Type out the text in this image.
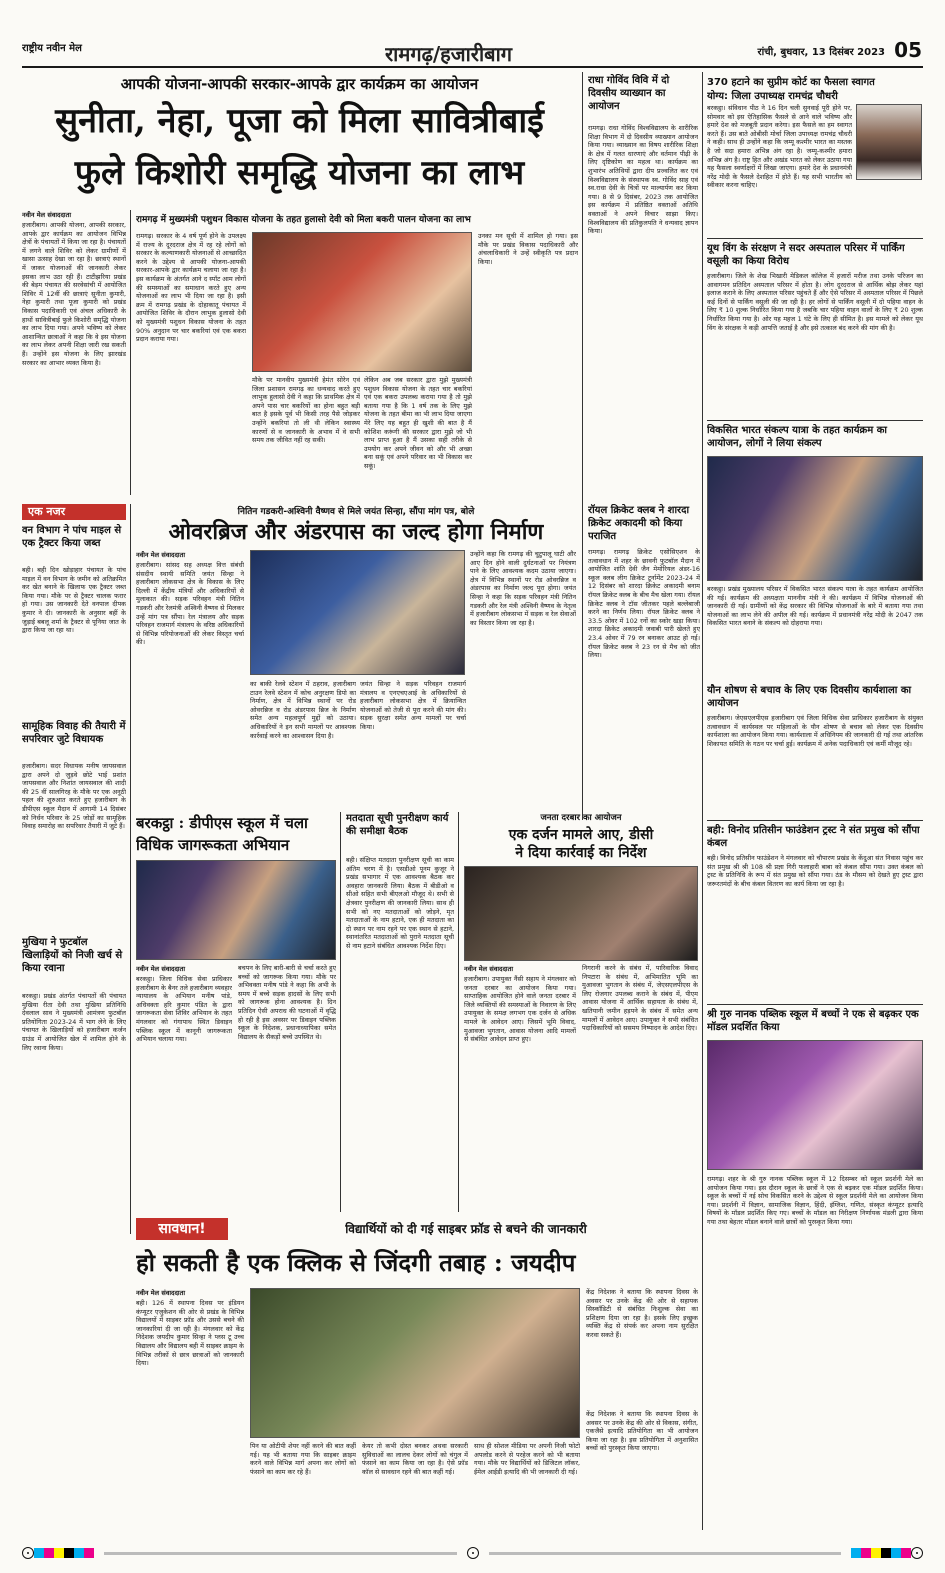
राष्ट्रीय नवीन मेल	रामगढ़/हजारीबाग	रांची, बुधवार, 13 दिसंबर 2023 05
आपकी योजना-आपकी सरकार-आपके द्वार कार्यक्रम का आयोजन
सुनीता, नेहा, पूजा को मिला सावित्रीबाई
फुले किशोरी समृद्धि योजना का लाभ
नवीन मेल संवाददाता
हजारीबाग। आपकी योजना, आपकी सरकार, आपके द्वार कार्यक्रम का आयोजन विभिन्न क्षेत्रों के पंचायतों में किया जा रहा है। पंचायतों में लगने वाले शिविर को लेकर ग्रामीणों में खासा उत्साह देखा जा रहा है। छात्राएं स्थानों में जाकर योजनाओं की जानकारी लेकर इसका लाभ उठा रही हैं। टाटीझरिया प्रखंड की बेड़म पंचायत की सरवेसांची में आयोजित शिविर में 12वीं की छात्राएं सुनीता कुमारी, नेहा कुमारी तथा पूजा कुमारी को प्रखंड विकास पदाधिकारी एवं अंचल अधिकारी के हाथों सावित्रीबाई फुले किशोरी समृद्धि योजना का लाभ दिया गया। अपने भविष्य को लेकर आशान्वित छात्राओं ने कहा कि वे इस योजना का लाभ लेकर अपनी शिक्षा जारी रख सकती हैं। उन्होंने इस योजना के लिए झारखंड सरकार का आभार व्यक्त किया है।
रामगढ़ में मुख्यमंत्री पशुधन विकास योजना के तहत हुलासो देवी को मिला बकरी पालन योजना का लाभ
रामगढ़। सरकार के 4 वर्ष पूर्ण होने के उपलक्ष्य में राज्य के दूरदराज क्षेत्र में रह रहे लोगों को सरकार के कल्याणकारी योजनाओं से आच्छादित करने के उद्देश्य से आपकी योजना-आपकी सरकार-आपके द्वार कार्यक्रम चलाया जा रहा है। इस कार्यक्रम के अंतर्गत आने द स्पॉट आम लोगों की समस्याओं का समाधान करते हुए अन्य योजनाओं का लाभ भी दिया जा रहा है। इसी क्रम में रामगढ़ प्रखंड के दोहाकातू पंचायत में आयोजित शिविर के दौरान लाभुक हुलासो देवी को मुख्यमंत्री पशुधन विकास योजना के तहत 90% अनुदान पर चार बकरियां एवं एक बकरा प्रदान कराया गया।
मौके पर मानवीय मुख्यमंत्री हेमंत सोरेन एवं जिला प्रशासन रामगढ़ का धन्यवाद करते हुए लाभुक हुलासो देवी ने कहा कि प्राथमिक क्षेत्र में अपने पास चार बकरियों का होना बहुत बड़ी बात है इसके पूर्व भी किसी तरह पैसे जोड़कर उन्होंने बकरियां तो ली थी लेकिन स्वास्थ्य कारणों से व जानकारी के अभाव में वे सभी समय तक जीवित नहीं रह सकी।
लेकिन अब जब सरकार द्वारा मुझे मुख्यमंत्री पशुधन विकास योजना के तहत चार बकरियां एवं एक बकरा उपलब्ध कराया गया है तो मुझे बताया गया है कि 1 वर्ष तक के लिए मुझे योजना के तहत बीमा का भी लाभ दिया जाएगा मेरे लिए यह बहुत ही खुशी की बात है मैं कोशिश करूंगी की सरकार द्वारा मुझे जो भी लाभ प्राप्त हुआ है मैं उसका सही तरीके से उपयोग कर अपने जीवन को और भी अच्छा बना सकूं एवं अपने परिवार का भी विकास कर सकूं।
उनका मन सूची में शामिल हो गया। इस मौके पर प्रखंड विकास पदाधिकारी और अंचलाधिकारी ने उन्हें स्वीकृति पत्र प्रदान किया।
राधा गोविंद विवि में दो दिवसीय व्याख्यान का आयोजन
रामगढ़। राधा गोविंद विश्वविद्यालय के शारीरिक शिक्षा विभाग में दो दिवसीय व्याख्यान आयोजन किया गया। व्याख्यान का विषय शारीरिक शिक्षा के क्षेत्र में गलत धारणाएं और वर्तमान पीढ़ी के लिए दृष्टिकोण का महत्व था। कार्यक्रम का शुभारंभ अतिथियों द्वारा दीप प्रज्वलित कर एवं विश्वविद्यालय के संस्थापक स्व. गोविंद साह एवं स्व.राधा देवी के चित्रों पर माल्यार्पण कर किया गया। 8 से 9 दिसंबर, 2023 तक आयोजित इस कार्यक्रम में प्रतिष्ठित वक्ताओं अतिथि वक्ताओं ने अपने विचार साझा किए। विश्वविद्यालय की प्रतिकुलपति ने धन्यवाद ज्ञापन किया।
370 हटाने का सुप्रीम कोर्ट का फैसला स्वागत
योग्य: जिला उपाध्यक्ष रामचंद्र चौधरी
बरकट्ठा। संविधान पीठ ने 16 दिन चली सुनवाई पूरी होने पर, सोमवार को इस ऐतिहासिक फैसले से आने वाले भविष्य और हमारे देश को मजबूती प्रदान करेगा। इस फैसले का हम स्वागत करते हैं। उस बाते ओबीसी मोर्चा जिला उपाध्यक्ष रामचंद्र चौधरी ने कही। साथ ही उन्होंने कहा कि जम्मू कश्मीर भारत का मस्तक है जो सदा हमारा अभिन्न अंग रहा है। जम्मू-कश्मीर हमारा अभिन्न अंग है। राष्ट्र हित और अखंड भारत को लेकर उठाया गया यह फैसला स्वर्णाक्षरों में लिखा जाएगा। हमारे देश के प्रधानमंत्री नरेंद्र मोदी के फैसले देशहित में होते हैं। यह सभी भारतीय को स्वीकार करना चाहिए।
यूथ विंग के संरक्षण ने सदर अस्पताल परिसर में पार्किंग वसूली का किया विरोध
हजारीबाग। जिले के शेख भिखारी मेडिकल कॉलेज में हजारों मरीज तथा उनके परिजन का आवागमन प्रतिदिन अस्पताल परिसर में होता है। लोग दूरदराज से आर्थिक बोझ लेकर यहां इलाज कराने के लिए अस्पताल परिसर पहुंचते हैं और ऐसे परिसर में अस्पताल परिसर में पिछले कई दिनों से पार्किंग वसूली की जा रही है। हर लोगों से पार्किंग वसूली में दो पहिया वाहन के लिए ₹ 10 शुल्क निर्धारित किया गया है जबकि चार पहिया वाहन वालों के लिए ₹ 20 शुल्क निर्धारित किया गया है। ओर यह महज 1 घंटे के लिए ही सीमित है। इस मामले को लेकर यूथ विंग के संरक्षक ने कड़ी आपत्ति जताई है और इसे तत्काल बंद करने की मांग की है।
विकसित भारत संकल्प यात्रा के तहत कार्यक्रम का आयोजन, लोगों ने लिया संकल्प
बरकट्ठा। प्रखंड मुख्यालय परिसर में विकसित भारत संकल्प यात्रा के तहत कार्यक्रम आयोजित की गई। कार्यक्रम की अध्यक्षता माननीय मंत्री ने की। कार्यक्रम में विभिन्न योजनाओं की जानकारी दी गई। ग्रामीणों को केंद्र सरकार की विभिन्न योजनाओं के बारे में बताया गया तथा योजनाओं का लाभ लेने की अपील की गई। कार्यक्रम में प्रधानमंत्री नरेंद्र मोदी के 2047 तक विकसित भारत बनाने के संकल्प को दोहराया गया।
यौन शोषण से बचाव के लिए एक दिवसीय कार्यशाला का आयोजन
हजारीबाग। जेएसएलपीएस हजारीबाग एवं जिला विधिक सेवा प्राधिकार हजारीबाग के संयुक्त तत्वावधान में कार्यस्थल पर महिलाओं के यौन शोषण से बचाव को लेकर एक दिवसीय कार्यशाला का आयोजन किया गया। कार्यशाला में अधिनियम की जानकारी दी गई तथा आंतरिक शिकायत समिति के गठन पर चर्चा हुई। कार्यक्रम में अनेक पदाधिकारी एवं कर्मी मौजूद रहे।
बही: विनोद प्रतिसीन फाउंडेशन ट्रस्ट ने संत प्रमुख को सौंपा कंबल
बही। विनोद प्रतिसीन फाउंडेशन ने मंगलवार को चौपारण प्रखंड के केंदुआ संत निवास पहुंच कर संत प्रमुख श्री श्री 108 श्री प्रज्ञा गिरी फलाहारी बाबा को कंबल सौंपा गया। उक्त कंबल को ट्रस्ट के प्रतिनिधि के रूप में संत प्रमुख को सौंपा गया। ठंड के मौसम को देखते हुए ट्रस्ट द्वारा जरूरतमंदों के बीच कंबल वितरण का कार्य किया जा रहा है।
श्री गुरु नानक पब्लिक स्कूल में बच्चों ने एक से बढ़कर एक मॉडल प्रदर्शित किया
रामगढ़। शहर के श्री गुरु नानक पब्लिक स्कूल में 12 दिसम्बर को स्कूल प्रदर्शनी मेले का आयोजन किया गया। इस दौरान स्कूल के छात्रों ने एक से बढ़कर एक मॉडल प्रदर्शित किया। स्कूल के बच्चों में नई सोच विकसित करने के उद्देश्य से स्कूल प्रदर्शनी मेले का आयोजन किया गया। प्रदर्शनी में विज्ञान, सामाजिक विज्ञान, हिंदी, इंग्लिश, गणित, संस्कृत कंप्यूटर इत्यादि विषयों के मॉडल प्रदर्शित किए गए। बच्चों के मॉडल का निरीक्षण निर्णायक मंडली द्वारा किया गया तथा बेहतर मॉडल बनाने वाले छात्रों को पुरस्कृत किया गया।
एक नजर
वन विभाग ने पांच माइल से एक ट्रैक्टर किया जब्त
बही। बही दिन खोड़ाहार पंचायत के पांच माइल में वन विभाग के जमीन को अतिक्रमित कर खेत बनाने के खिलाफ एक ट्रैक्टर जब्त किया गया। मौके पर से ट्रैक्टर चालक फरार हो गया। उस जानकारी देते वनपाल दीपक कुमार ने दी। जानकारी के अनुसार बहीं के जुड़ाई बबलू शर्मा के ट्रैक्टर से पूनिया जात के द्वारा किया जा रहा था।
सामूहिक विवाह की तैयारी में सपरिवार जुटे विधायक
हजारीबाग। सदर विधायक मनीष जायसवाल द्वारा अपने दो जुड़वे छोटे भाई प्रशांत जायसवाल और निशांत जायसवाल की शादी की 25 वीं सालगिरह के मौके पर एक अनूठी पहल की शुरुआत करते हुए हजारीबाग के डीपीएस स्कूल मैदान में आगामी 14 दिसंबर को निर्धन परिवार के 25 जोड़ों का सामूहिक विवाह समारोह का सपरिवार तैयारी में जुटे हैं।
मुखिया ने फुटबॉल खिलाड़ियों को निजी खर्च से किया रवाना
बरकट्ठा। प्रखंड अंतर्गत पंचायतों की पंचायत मुखिया रीता देवी तथा मुखिया प्रतिनिधि देवलाल साव ने मुख्यमंत्री आमंत्रण फुटबॉल प्रतियोगिता 2023-24 में भाग लेने के लिए पंचायत के खिलाड़ियों को हजारीबाग कर्जन ग्राउंड में आयोजित खेल में शामिल होने के लिए रवाना किया।
नितिन गडकरी-अश्विनी वैष्णव से मिले जयंत सिन्हा, सौंपा मांग पत्र, बोले
ओवरब्रिज और अंडरपास का जल्द होगा निर्माण
नवीन मेल संवाददाता
हजारीबाग। सांसद सह अध्यक्ष वित्त संबंधी संसदीय स्थायी समिति जयंत सिन्हा ने हजारीबाग लोकसभा क्षेत्र के विकास के लिए दिल्ली में केंद्रीय मंत्रियों और अधिकारियों से मुलाकात की। सड़क परिवहन मंत्री नितिन गडकरी और रेलमंत्री अश्विनी वैष्णव से मिलकर उन्हें मांग पत्र सौंपा। रेल मंत्रालय और सड़क परिवहन राजमार्ग मंत्रालय के वरिष्ठ अधिकारियों से विभिन्न परियोजनाओं की लेकर विस्तृत चर्चा की।
का बाकी रेलवे स्टेशन में ठहराव, हजारीबाग टाउन रेलवे स्टेशन में कोच अनुरक्षण डिपो का निर्माण, क्षेत्र में विभिन्न स्थानों पर रोड ओवरब्रिज व रोड अंडरपास ब्रिज के निर्माण समेत अन्य महत्वपूर्ण मुद्दों को उठाया। अधिकारियों ने इन सभी मामलों पर आवश्यक कार्रवाई करने का आश्वासन दिया है।
जयंत सिन्हा ने सड़क परिवहन राजमार्ग मंत्रालय व एनएचएआई के अधिकारियों से हजारीबाग लोकसभा क्षेत्र में क्रियान्वित योजनाओं को तेजी से पूरा करने की मांग की। सड़क सुरक्षा समेत अन्य मामलों पर चर्चा किया।
उन्होंने कहा कि रामगढ़ की चुटुपालू घाटी और आए दिन होने वाली दुर्घटनाओं पर नियंत्रण पाने के लिए आवश्यक कदम उठाया जाएगा। क्षेत्र में विभिन्न स्थानों पर रोड ओवरब्रिज व अंडरपास का निर्माण जल्द पूरा होगा। जयंत सिन्हा ने कहा कि सड़क परिवहन मंत्री नितिन गडकरी और रेल मंत्री अश्विनी वैष्णव के नेतृत्व में हजारीबाग लोकसभा में सड़क व रेल सेवाओं का विस्तार किया जा रहा है।
रॉयल क्रिकेट क्लब ने शारदा क्रिकेट अकादमी को किया पराजित
रामगढ़। रामगढ़ क्रिकेट एसोसिएशन के तत्वावधान में शहर के छावनी फुटबॉल मैदान में आयोजित शांति देवी जैन मेमोरियल अंडर-16 स्कूल क्लब लीग क्रिकेट टूर्नामेंट 2023-24 में 12 दिसंबर को शारदा क्रिकेट अकादमी बनाम रॉयल क्रिकेट क्लब के बीच मैच खेला गया। रॉयल क्रिकेट क्लब ने टॉस जीतकर पहले बल्लेबाजी करने का निर्णय लिया। रॉयल क्रिकेट क्लब ने 33.5 ओवर में 102 रनों का स्कोर खड़ा किया। शारदा क्रिकेट अकादमी जवाबी पारी खेलते हुए 23.4 ओवर में 79 रन बनाकर आउट हो गई। रॉयल क्रिकेट क्लब ने 23 रन से मैच को जीत लिया।
बरकट्ठा : डीपीएस स्कूल में चला
विधिक जागरूकता अभियान
नवीन मेल संवाददाता
बरकट्ठा। जिला विधिक सेवा प्राधिकार हजारीबाग के बैनर तले हजारीबाग व्यवहार न्यायालय के अभियान मनीष पांडे, अधिवक्ता हरि कुमार पंडित के द्वारा जागरूकता सेवा शिविर अभियान के तहत मंगलवार को गंगापाथ स्थित डिवाइन पब्लिक स्कूल में कानूनी जागरूकता अभियान चलाया गया।
बचपन के लिए बारी-बारी से चर्चा करते हुए बच्चों को जागरूक किया गया। मौके पर अभिवक्ता मनीष पांडे ने कहा कि अभी के समय में बच्चे सड़क हादसों के लिए सभी को जागरूक होना आवश्यक है। दिन प्रतिदिन ऐसी अपराध की घटनाओं में वृद्धि हो रही है इस अवसर पर डिवाइन पब्लिक स्कूल के निदेशक, प्रधानाध्यापिका समेत विद्यालय के सैकड़ों बच्चे उपस्थित थे।
मतदाता सूची पुनरीक्षण कार्य की समीक्षा बैठक
बही। संक्षिप्त मतदाता पुनरीक्षण सूची का काम अंतिम चरण में है। एसडीओ पूनम कुजूर ने प्रखंड सभागार में एक आवश्यक बैठक कर अवहारा जानकारी लिया। बैठक में बीडीओ व सीओ सहित सभी बीएलओ मौजूद थे। सभी से क्षेत्रवार पुनरीक्षण की जानकारी लिया। साथ ही सभी को नए मतदाताओं को जोड़ने, मृत मतदाताओं के नाम हटाने, एक ही मतदाता का दो स्थान पर नाम रहने पर एक स्थान से हटाने, स्थानांतरित मतदाताओं को पुराने मतदाता सूची से नाम हटाने संबंधित आवश्यक निर्देश दिए।
जनता दरबार का आयोजन
एक दर्जन मामले आए, डीसी
ने दिया कार्रवाई का निर्देश
नवीन मेल संवाददाता
हजारीबाग। उपायुक्त नैंसी सहाय ने मंगलवार को जनता दरबार का आयोजन किया गया। साप्ताहिक आयोजित होने वाले जनता दरबार में जिले व्यक्तियों की समस्याओं के निवारण के लिए उपायुक्त के समक्ष लगभग एक दर्जन से अधिक मामले के आवेदन आए। जिसमें भूमि विवाद, मुआवजा भुगतान, आवास योजना आदि मामलों से संबंधित आवेदन प्राप्त हुए।
निगरानी करने के संबंध में, पारिवारिक विवाद निपटारा के संबंध में, अभिमातित भूमि का मुआवजा भुगतान के संबंध में, जेएसएलपीएस के लिए रोजगार उपलब्ध कराने के संबंध में, पीएम आवास योजना में आर्थिक सहायता के संबंध में, खतियानी जमीन हड़पने के संबंध में समेत अन्य मामलों में आवेदन आए। उपायुक्त ने सभी संबंधित पदाधिकारियों को ससमय निष्पादन के आदेश दिए।
सावधान!	विद्यार्थियों को दी गई साइबर फ्रॉड से बचने की जानकारी
हो सकती है एक क्लिक से जिंदगी तबाह : जयदीप
नवीन मेल संवाददाता
बही। 126 में स्थापना दिवस पर इंडियन कंप्यूटर एजुकेशन की ओर से प्रखंड के विभिन्न विद्यालयों में साइबर फ्रॉड और उससे बचने की जानकारियां दी जा रही है। मंगलवार को केंद्र निदेशक जयदीप कुमार सिन्हा ने प्लस टू उच्च विद्यालय और विद्यालय बही में साइबर क्राइम के विभिन्न तरीकों से छात्र छात्राओं को जानकारी दिया।
पिन या ओटीपी शेयर नहीं करने की बात कहीं गई। यह भी बताया गया कि साइबर क्राइम करने वाले विभिन्न मार्ग अपना कर लोगों को फंसाने का काम कर रहे हैं।
केयर तो कभी दोस्त बनकर अथवा सरकारी सुविधाओं का लालच देकर लोगों को चंगुल में फंसाने का काम किया जा रहा है। ऐसे फ्रॉड कॉल से सावधान रहने की बात कहीं गई।
साथ ही सोशल मीडिया पर अपनी निजी फोटो अपलोड करने से परहेज करने को भी बताया गया। मौके पर विद्यार्थियों को डिजिटल लॉकर, ईमेल आईडी इत्यादि की भी जानकारी दी गई।
केंद्र निदेशक ने बताया कि स्थापना दिवस के अवसर पर उनके केंद्र की ओर से सहायक सिस्कॉडिटी से संबंधित निःशुल्क सेवा का प्रशिक्षण दिया जा रहा है। इसके लिए इच्छुक व्यक्ति केंद्र से संपर्क कर अपना नाम सुरक्षित करवा सकते हैं।
केंद्र निदेशक ने बताया कि स्थापना दिवस के अवसर पर उनके केंद्र की ओर से विकास, संगीत, एकजैसे इत्यादि प्रतियोगिता का भी आयोजन किया जा रहा है। इस प्रतियोगिता में अनुशासित बच्चों को पुरस्कृत किया जाएगा।
